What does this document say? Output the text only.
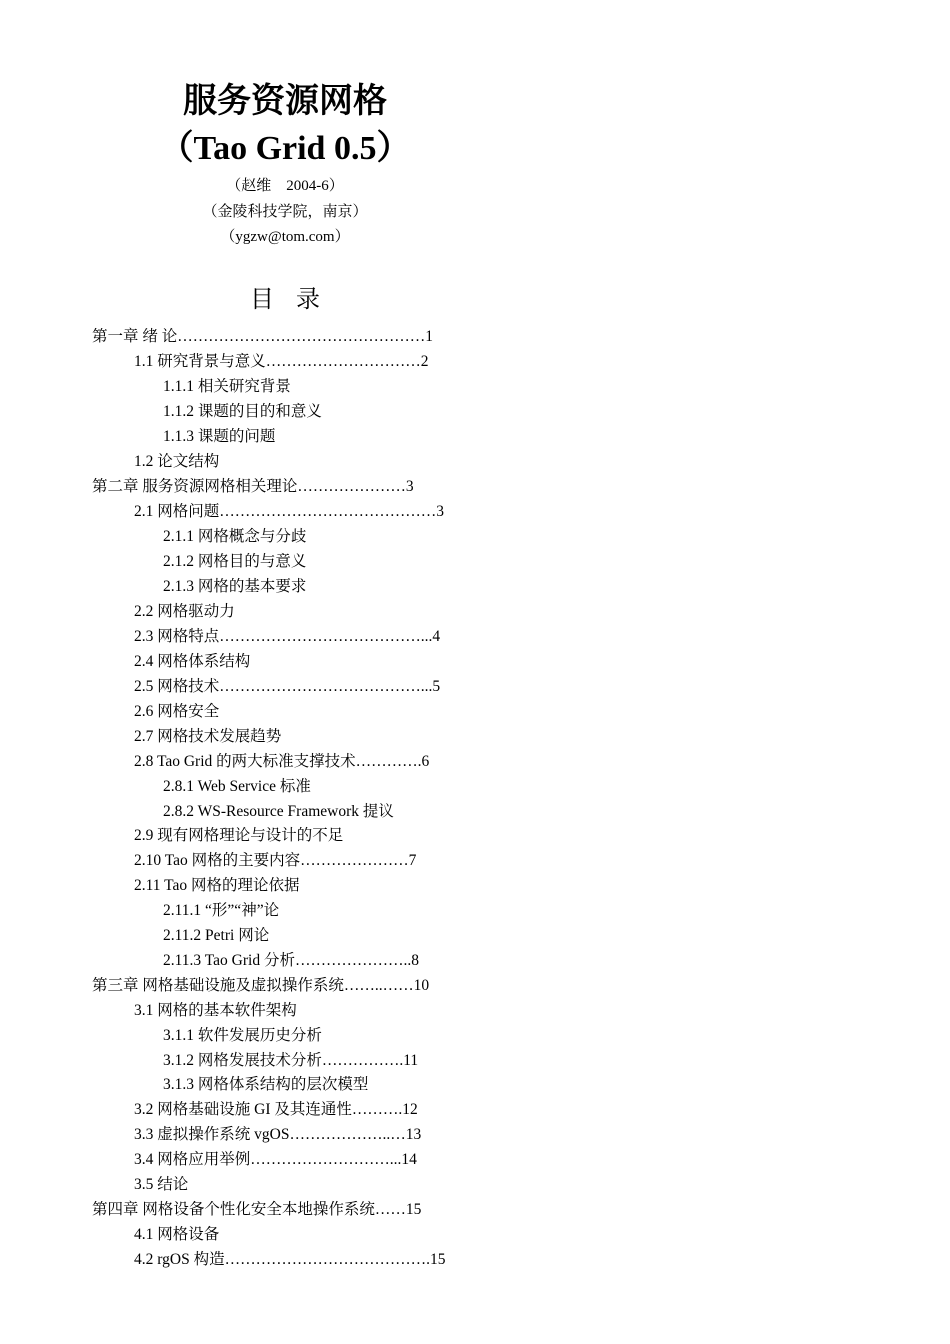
服务资源网格
（Tao Grid 0.5）
（赵维　2004-6）
（金陵科技学院，南京）
（ygzw@tom.com）
目录
第一章 绪 论…………………………………………1
1.1 研究背景与意义…………………………2
1.1.1 相关研究背景
1.1.2 课题的目的和意义
1.1.3 课题的问题
1.2 论文结构
第二章 服务资源网格相关理论…………………3
2.1 网格问题……………………………………3
2.1.1 网格概念与分歧
2.1.2 网格目的与意义
2.1.3 网格的基本要求
2.2 网格驱动力
2.3 网格特点…………………………………...4
2.4 网格体系结构
2.5 网格技术…………………………………...5
2.6 网格安全
2.7 网格技术发展趋势
2.8 Tao Grid 的两大标准支撑技术………….6
2.8.1 Web Service 标准
2.8.2 WS-Resource Framework 提议
2.9 现有网格理论与设计的不足
2.10 Tao 网格的主要内容…………………7
2.11 Tao 网格的理论依据
2.11.1 “形”“神”论
2.11.2 Petri 网论
2.11.3 Tao Grid 分析…………………..8
第三章 网格基础设施及虚拟操作系统……..……10
3.1 网格的基本软件架构
3.1.1 软件发展历史分析
3.1.2 网格发展技术分析…………….11
3.1.3 网格体系结构的层次模型
3.2 网格基础设施 GI 及其连通性……….12
3.3 虚拟操作系统 vgOS………………..…13
3.4 网格应用举例………………………...14
3.5 结论
第四章 网格设备个性化安全本地操作系统……15
4.1 网格设备
4.2 rgOS 构造………………………………….15
